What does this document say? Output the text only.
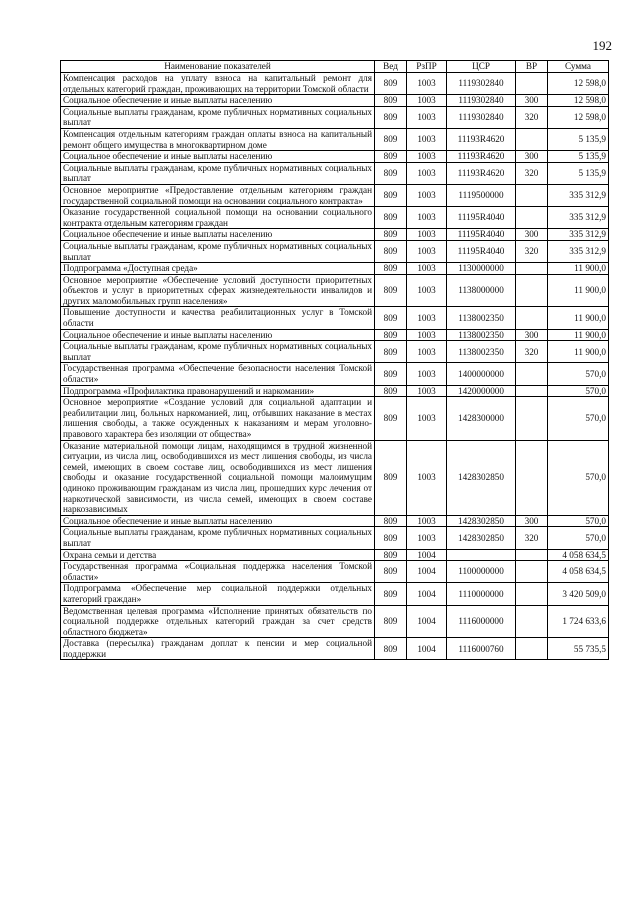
192
Наименование показателей	Вед	РзПР	ЦСР	ВР	Сумма
Компенсация расходов на уплату взноса на капитальный ремонт для отдельных категорий граждан, проживающих на территории Томской области	809	1003	1119302840		12 598,0
Социальное обеспечение и иные выплаты населению	809	1003	1119302840	300	12 598,0
Социальные выплаты гражданам, кроме публичных нормативных социальных выплат	809	1003	1119302840	320	12 598,0
Компенсация отдельным категориям граждан оплаты взноса на капитальный ремонт общего имущества в многоквартирном доме	809	1003	11193R4620		5 135,9
Социальное обеспечение и иные выплаты населению	809	1003	11193R4620	300	5 135,9
Социальные выплаты гражданам, кроме публичных нормативных социальных выплат	809	1003	11193R4620	320	5 135,9
Основное мероприятие «Предоставление отдельным категориям граждан государственной социальной помощи на основании социального контракта»	809	1003	1119500000		335 312,9
Оказание государственной социальной помощи на основании социального контракта отдельным категориям граждан	809	1003	11195R4040		335 312,9
Социальное обеспечение и иные выплаты населению	809	1003	11195R4040	300	335 312,9
Социальные выплаты гражданам, кроме публичных нормативных социальных выплат	809	1003	11195R4040	320	335 312,9
Подпрограмма «Доступная среда»	809	1003	1130000000		11 900,0
Основное мероприятие «Обеспечение условий доступности приоритетных объектов и услуг в приоритетных сферах жизнедеятельности инвалидов и других маломобильных групп населения»	809	1003	1138000000		11 900,0
Повышение доступности и качества реабилитационных услуг в Томской области	809	1003	1138002350		11 900,0
Социальное обеспечение и иные выплаты населению	809	1003	1138002350	300	11 900,0
Социальные выплаты гражданам, кроме публичных нормативных социальных выплат	809	1003	1138002350	320	11 900,0
Государственная программа «Обеспечение безопасности населения Томской области»	809	1003	1400000000		570,0
Подпрограмма «Профилактика правонарушений и наркомании»	809	1003	1420000000		570,0
Основное мероприятие «Создание условий для социальной адаптации и реабилитации лиц, больных наркоманией, лиц, отбывших наказание в местах лишения свободы, а также осужденных к наказаниям и мерам уголовно-правового характера без изоляции от общества»	809	1003	1428300000		570,0
Оказание материальной помощи лицам, находящимся в трудной жизненной ситуации, из числа лиц, освободившихся из мест лишения свободы, из числа семей, имеющих в своем составе лиц, освободившихся из мест лишения свободы и оказание государственной социальной помощи малоимущим одиноко проживающим гражданам из числа лиц, прошедших курс лечения от наркотической зависимости, из числа семей, имеющих в своем составе наркозависимых	809	1003	1428302850		570,0
Социальное обеспечение и иные выплаты населению	809	1003	1428302850	300	570,0
Социальные выплаты гражданам, кроме публичных нормативных социальных выплат	809	1003	1428302850	320	570,0
Охрана семьи и детства	809	1004			4 058 634,5
Государственная программа «Социальная поддержка населения Томской области»	809	1004	1100000000		4 058 634,5
Подпрограмма «Обеспечение мер социальной поддержки отдельных категорий граждан»	809	1004	1110000000		3 420 509,0
Ведомственная целевая программа «Исполнение принятых обязательств по социальной поддержке отдельных категорий граждан за счет средств областного бюджета»	809	1004	1116000000		1 724 633,6
Доставка (пересылка) гражданам доплат к пенсии и мер социальной поддержки	809	1004	1116000760		55 735,5
